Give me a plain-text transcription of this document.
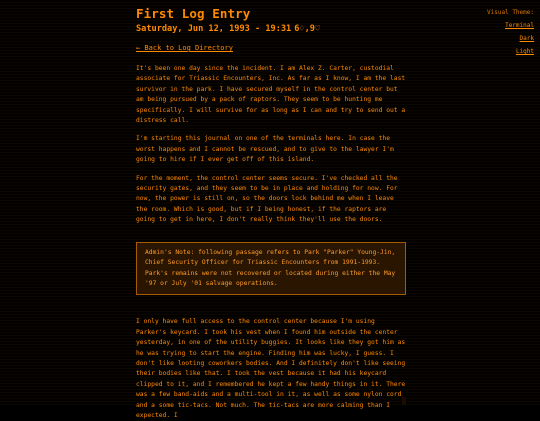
Visual Theme:
Terminal
Dark
Light
First Log Entry
Saturday, Jun 12, 1993 - 19:31 6♢,9♡
← Back to Log Directory

It's been one day since the incident. I am Alex Z. Carter, custodial associate for Triassic Encounters, Inc. As far as I know, I am the last survivor in the park. I have secured myself in the control center but am being pursued by a pack of raptors. They seem to be hunting me specifically. I will survive for as long as I can and try to send out a distress call.

I'm starting this journal on one of the terminals here. In case the worst happens and I cannot be rescued, and to give to the lawyer I'm going to hire if I ever get off of this island.

For the moment, the control center seems secure. I've checked all the security gates, and they seem to be in place and holding for now. For now, the power is still on, so the doors lock behind me when I leave the room. Which is good, but if I being honest, if the raptors are going to get in here, I don't really think they'll use the doors.

Admin's Note: following passage refers to Park "Parker" Young-Jin, Chief Security Officer for Triassic Encounters from 1991-1993. Park's remains were not recovered or located during either the May '97 or July '01 salvage operations.

I only have full access to the control center because I'm using Parker's keycard. I took his vest when I found him outside the center yesterday, in one of the utility buggies. It looks like they got him as he was trying to start the engine. Finding him was lucky, I guess. I don't like looting coworkers bodies. And I definitely don't like seeing their bodies like that. I took the vest because it had his keycard clipped to it, and I remembered he kept a few handy things in it. There was a few band-aids and a multi-tool in it, as well as some nylon cord and a some tic-tacs. Not much. The tic-tacs are more calming than I expected. I
